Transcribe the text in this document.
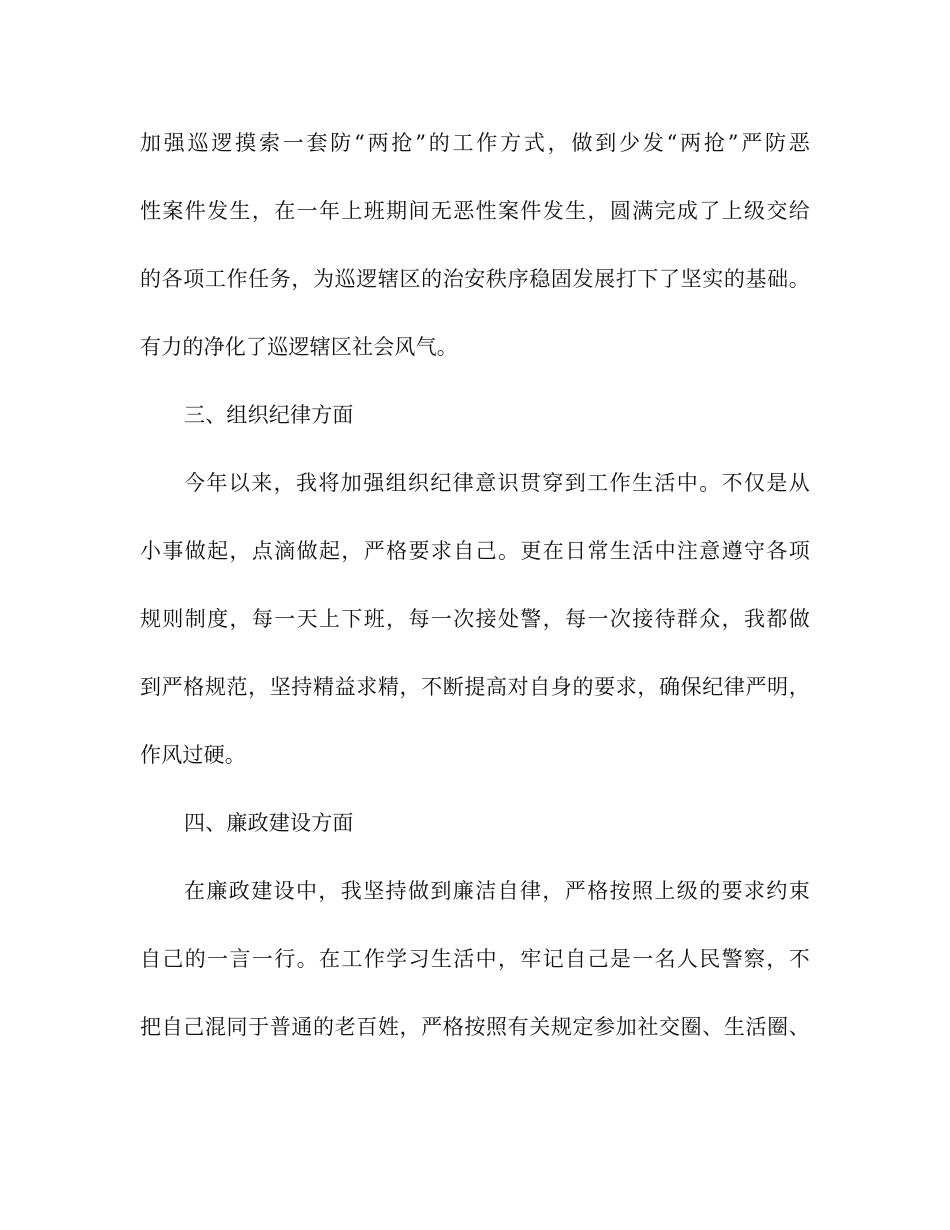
加强巡逻摸索一套防“两抢”的工作方式，做到少发“两抢”严防恶
性案件发生，在一年上班期间无恶性案件发生，圆满完成了上级交给
的各项工作任务，为巡逻辖区的治安秩序稳固发展打下了坚实的基础。
有力的净化了巡逻辖区社会风气。
三、组织纪律方面
今年以来，我将加强组织纪律意识贯穿到工作生活中。不仅是从
小事做起，点滴做起，严格要求自己。更在日常生活中注意遵守各项
规则制度，每一天上下班，每一次接处警，每一次接待群众，我都做
到严格规范，坚持精益求精，不断提高对自身的要求，确保纪律严明，
作风过硬。
四、廉政建设方面
在廉政建设中，我坚持做到廉洁自律，严格按照上级的要求约束
自己的一言一行。在工作学习生活中，牢记自己是一名人民警察，不
把自己混同于普通的老百姓，严格按照有关规定参加社交圈、生活圈、
